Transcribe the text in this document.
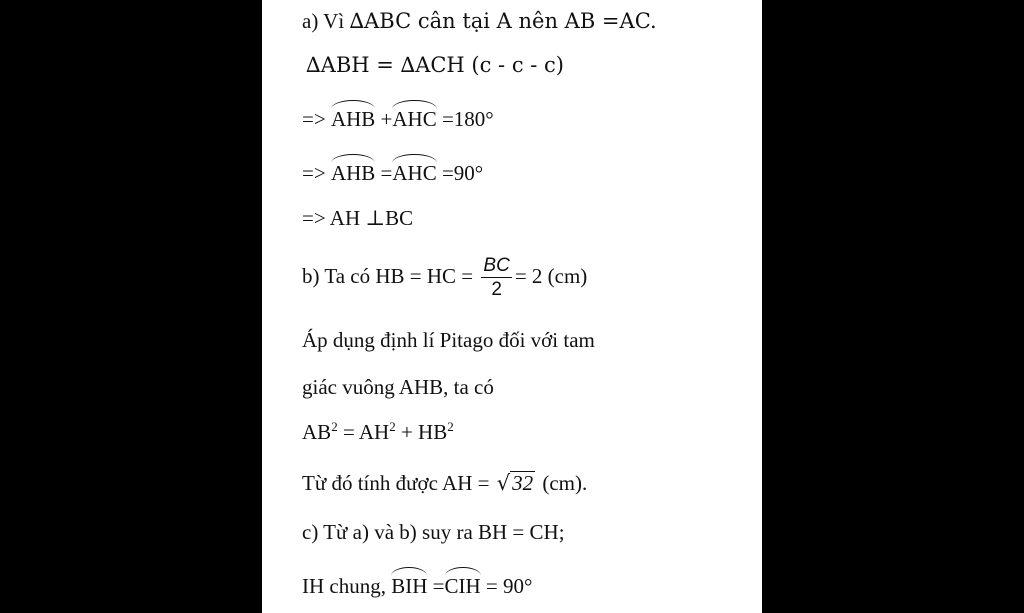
a) Vì ∆ABC cân tại A nên AB =AC.
∆ABH = ∆ACH (c - c - c)
=>
AHB +
AHC =180°
=>
AHB =
AHC =90°
=> AH ⊥BC
b) Ta có HB = HC = $\frac{BC}{2} = 2$ (cm)
Áp dụng định lí Pitago đối với tam
giác vuông AHB, ta có
$AB^2 = AH^2 + HB^2$
Từ đó tính được AH = √32 (cm).
c) Từ a) và b) suy ra BH = CH;
IH chung,
BIH =
CIH = 90°
